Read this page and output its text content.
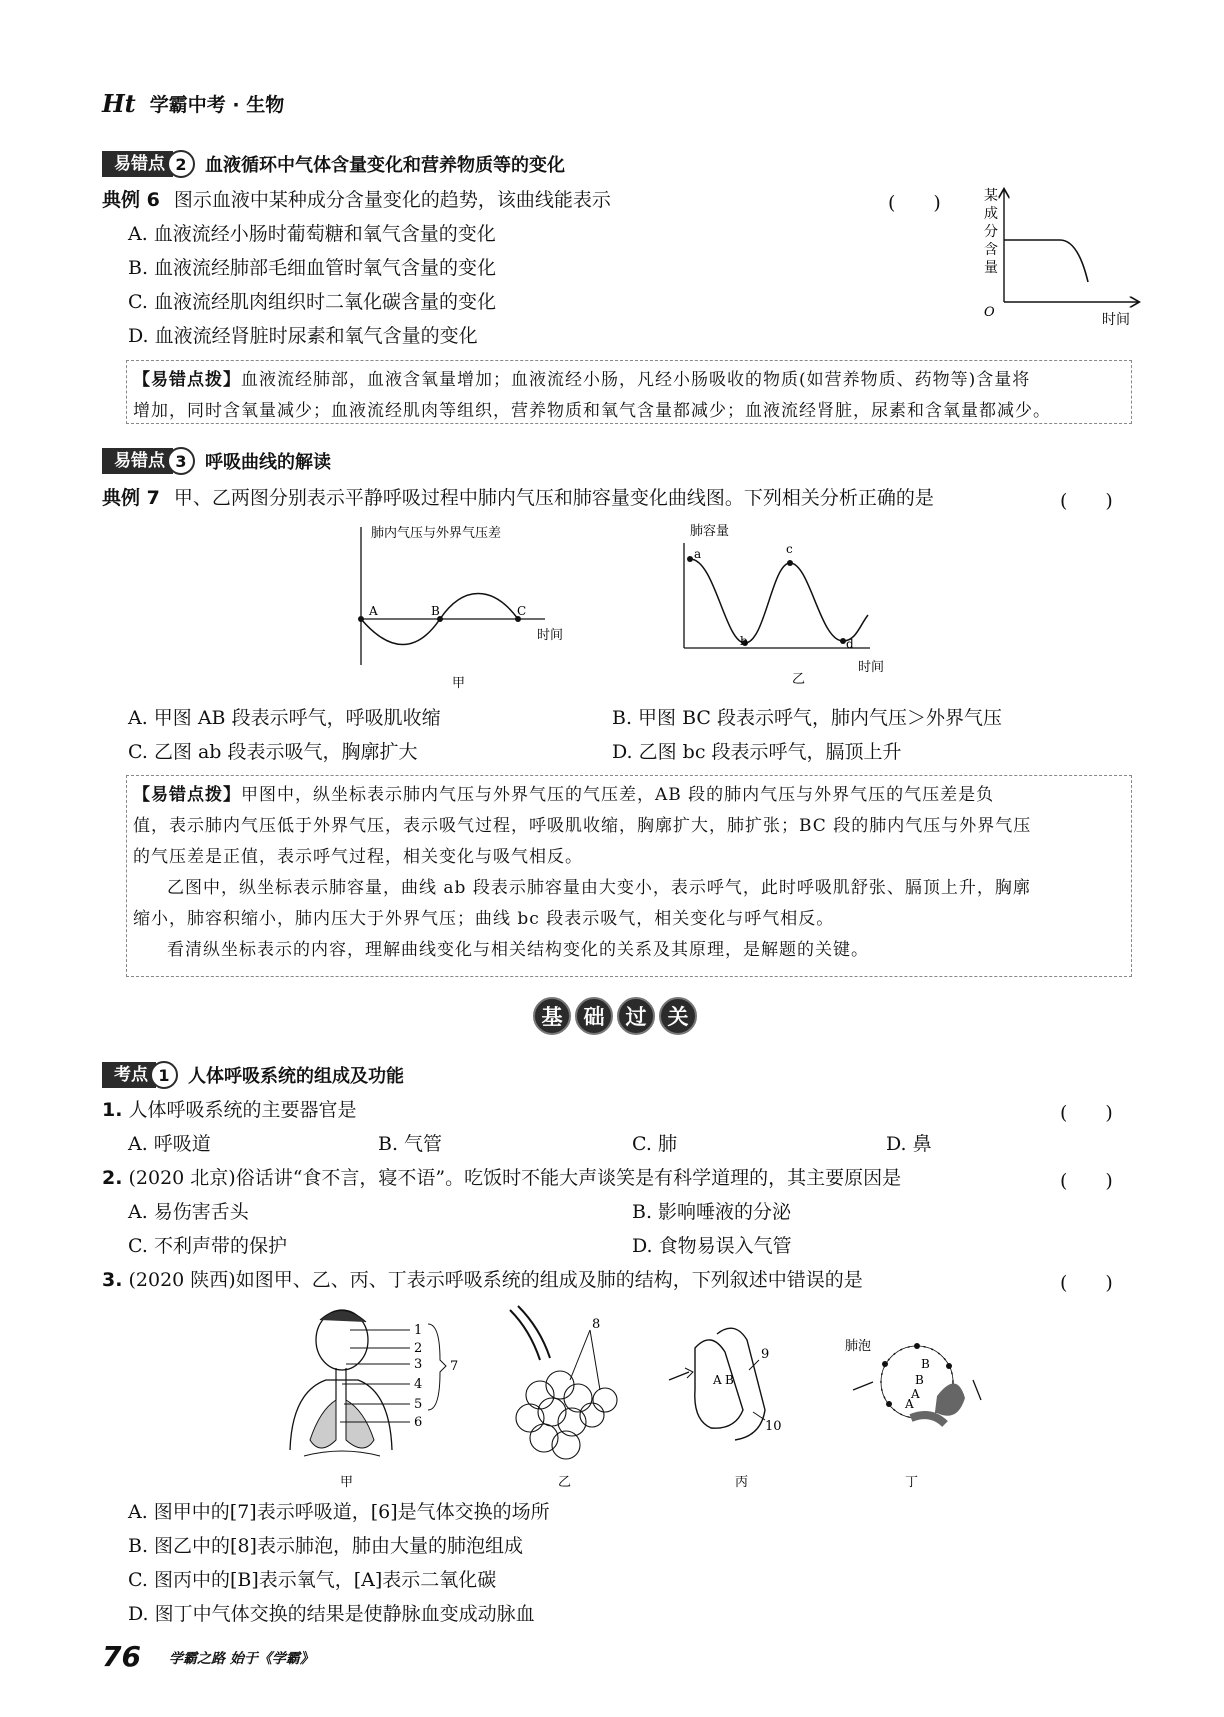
Ht 学霸中考 · 生物
易错点 2	血液循环中气体含量变化和营养物质等的变化
典例 6 图示血液中某种成分含量变化的趋势，该曲线能表示	(　　)
A. 血液流经小肠时葡萄糖和氧气含量的变化
B. 血液流经肺部毛细血管时氧气含量的变化
C. 血液流经肌肉组织时二氧化碳含量的变化
D. 血液流经肾脏时尿素和氧气含量的变化
O	时间
某成分含量

【易错点拨】血液流经肺部，血液含氧量增加；血液流经小肠，凡经小肠吸收的物质(如营养物质、药物等)含量将

增加，同时含氧量减少；血液流经肌肉等组织，营养物质和氧气含量都减少；血液流经肾脏，尿素和含氧量都减少。

易错点 3	呼吸曲线的解读
典例 7 甲、乙两图分别表示平静呼吸过程中肺内气压和肺容量变化曲线图。下列相关分析正确的是	(　　)
A	B	C
肺内气压与外界气压差
时间
甲
a
b
c
d
肺容量
时间
乙
A. 甲图 AB 段表示呼气，呼吸肌收缩	B. 甲图 BC 段表示呼气，肺内气压＞外界气压
C. 乙图 ab 段表示吸气，胸廓扩大	D. 乙图 bc 段表示呼气，膈顶上升

【易错点拨】甲图中，纵坐标表示肺内气压与外界气压的气压差，AB 段的肺内气压与外界气压的气压差是负

值，表示肺内气压低于外界气压，表示吸气过程，呼吸肌收缩，胸廓扩大，肺扩张；BC 段的肺内气压与外界气压

的气压差是正值，表示呼气过程，相关变化与吸气相反。

乙图中，纵坐标表示肺容量，曲线 ab 段表示肺容量由大变小，表示呼气，此时呼吸肌舒张、膈顶上升，胸廓

缩小，肺容积缩小，肺内压大于外界气压；曲线 bc 段表示吸气，相关变化与呼气相反。

看清纵坐标表示的内容，理解曲线变化与相关结构变化的关系及其原理，是解题的关键。

基	础	过	关
考点 1	人体呼吸系统的组成及功能
1. 人体呼吸系统的主要器官是	(　　)
A. 呼吸道	B. 气管	C. 肺	D. 鼻
2. (2020 北京)俗话讲“食不言，寝不语”。吃饭时不能大声谈笑是有科学道理的，其主要原因是	(　　)
A. 易伤害舌头	B. 影响唾液的分泌
C. 不利声带的保护	D. 食物易误入气管
3. (2020 陕西)如图甲、乙、丙、丁表示呼吸系统的组成及肺的结构，下列叙述中错误的是	(　　)
1
2
3
4
5
6
7
甲
8
乙
A B
9
10
丙
肺泡
B
B
A
A
丁
A. 图甲中的[7]表示呼吸道，[6]是气体交换的场所
B. 图乙中的[8]表示肺泡，肺由大量的肺泡组成
C. 图丙中的[B]表示氧气，[A]表示二氧化碳
D. 图丁中气体交换的结果是使静脉血变成动脉血
76 学霸之路 始于《学霸》
